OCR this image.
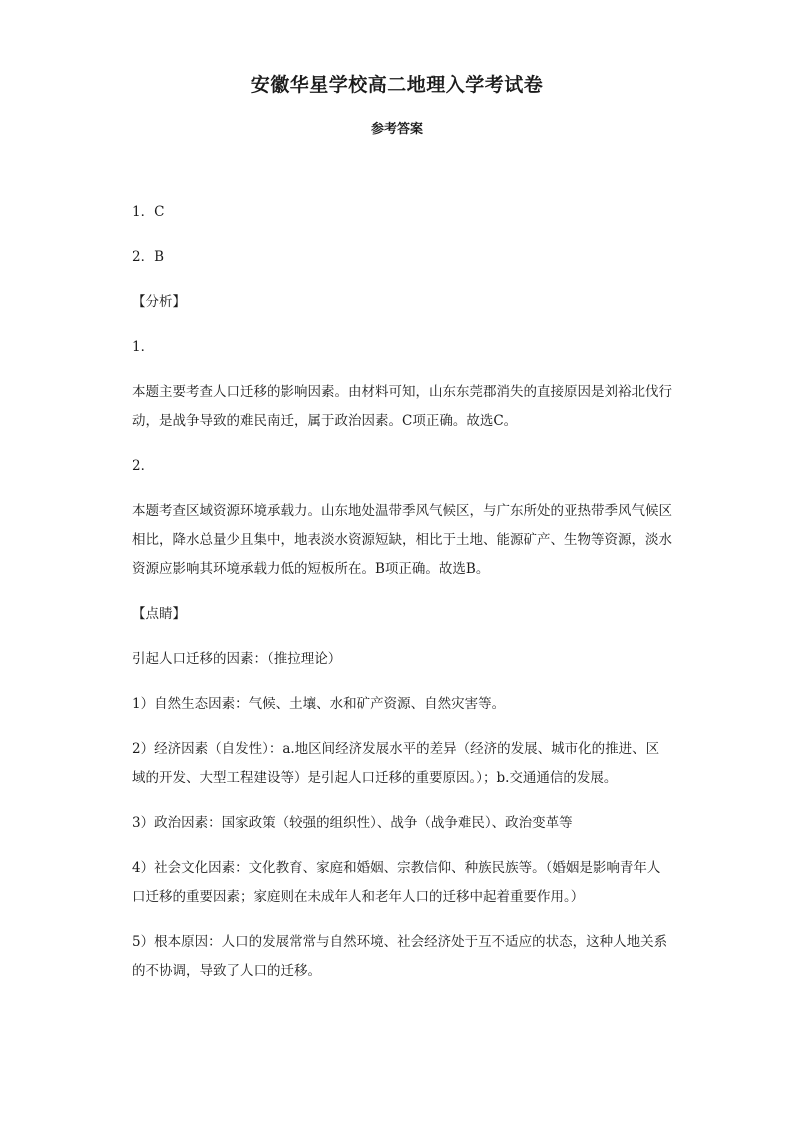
安徽华星学校高二地理入学考试卷
参考答案

1．C

2．B

【分析】

1．

本题主要考查人口迁移的影响因素。由材料可知，山东东莞郡消失的直接原因是刘裕北伐行动，是战争导致的难民南迁，属于政治因素。C项正确。故选C。

2．

本题考查区域资源环境承载力。山东地处温带季风气候区，与广东所处的亚热带季风气候区相比，降水总量少且集中，地表淡水资源短缺，相比于土地、能源矿产、生物等资源，淡水资源应影响其环境承载力低的短板所在。B项正确。故选B。

【点睛】

引起人口迁移的因素：（推拉理论）

1）自然生态因素：气候、土壤、水和矿产资源、自然灾害等。

2）经济因素（自发性）：a.地区间经济发展水平的差异（经济的发展、城市化的推进、区域的开发、大型工程建设等）是引起人口迁移的重要原因。）；b.交通通信的发展。

3）政治因素：国家政策（较强的组织性）、战争（战争难民）、政治变革等

4）社会文化因素：文化教育、家庭和婚姻、宗教信仰、种族民族等。（婚姻是影响青年人口迁移的重要因素；家庭则在未成年人和老年人口的迁移中起着重要作用。）

5）根本原因：人口的发展常常与自然环境、社会经济处于互不适应的状态，这种人地关系的不协调，导致了人口的迁移。
